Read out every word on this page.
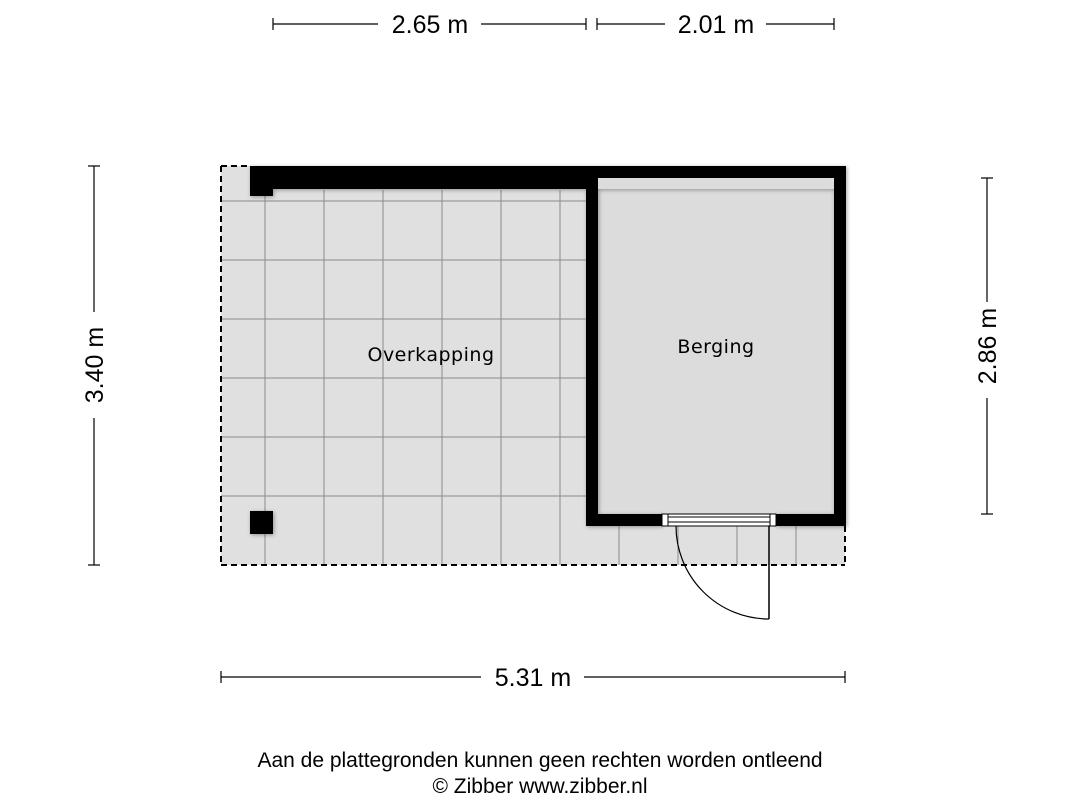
Overkapping	Berging
2.65 m	2.01 m
3.40 m	2.86 m
5.31 m
Aan de plattegronden kunnen geen rechten worden ontleend
© Zibber www.zibber.nl
